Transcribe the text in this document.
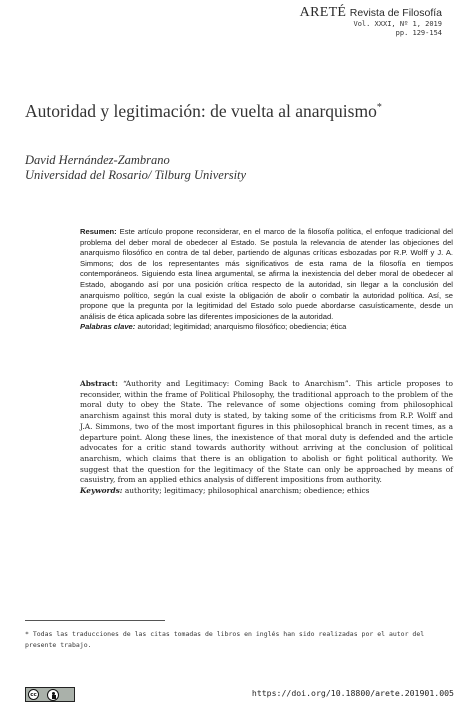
ARETÉ Revista de Filosofía
Vol. XXXI, Nº 1, 2019
pp. 129-154
Autoridad y legitimación: de vuelta al anarquismo*
David Hernández-Zambrano
Universidad del Rosario/ Tilburg University
Resumen: Este artículo propone reconsiderar, en el marco de la filosofía política, el enfoque tradicional del problema del deber moral de obedecer al Estado. Se postula la relevancia de atender las objeciones del anarquismo filosófico en contra de tal deber, partiendo de algunas críticas esbozadas por R.P. Wolff y J. A. Simmons; dos de los representantes más significativos de esta rama de la filosofía en tiempos contemporáneos. Siguiendo esta línea argumental, se afirma la inexistencia del deber moral de obedecer al Estado, abogando así por una posición crítica respecto de la autoridad, sin llegar a la conclusión del anarquismo político, según la cual existe la obligación de abolir o combatir la autoridad política. Así, se propone que la pregunta por la legitimidad del Estado solo puede abordarse casuísticamente, desde un análisis de ética aplicada sobre las diferentes imposiciones de la autoridad.
Palabras clave: autoridad; legitimidad; anarquismo filosófico; obediencia; ética
Abstract: “Authority and Legitimacy: Coming Back to Anarchism”. This article proposes to reconsider, within the frame of Political Philosophy, the traditional approach to the problem of the moral duty to obey the State. The relevance of some objections coming from philosophical anarchism against this moral duty is stated, by taking some of the criticisms from R.P. Wolff and J.A. Simmons, two of the most important figures in this philosophical branch in recent times, as a departure point. Along these lines, the inexistence of that moral duty is defended and the article advocates for a critic stand towards authority without arriving at the conclusion of political anarchism, which claims that there is an obligation to abolish or fight political authority. We suggest that the question for the legitimacy of the State can only be approached by means of casuistry, from an applied ethics analysis of different impositions from authority.
Keywords: authority; legitimacy; philosophical anarchism; obedience; ethics
* Todas las traducciones de las citas tomadas de libros en inglés han sido realizadas por el autor del presente trabajo.
cc	https://doi.org/10.18800/arete.201901.005
